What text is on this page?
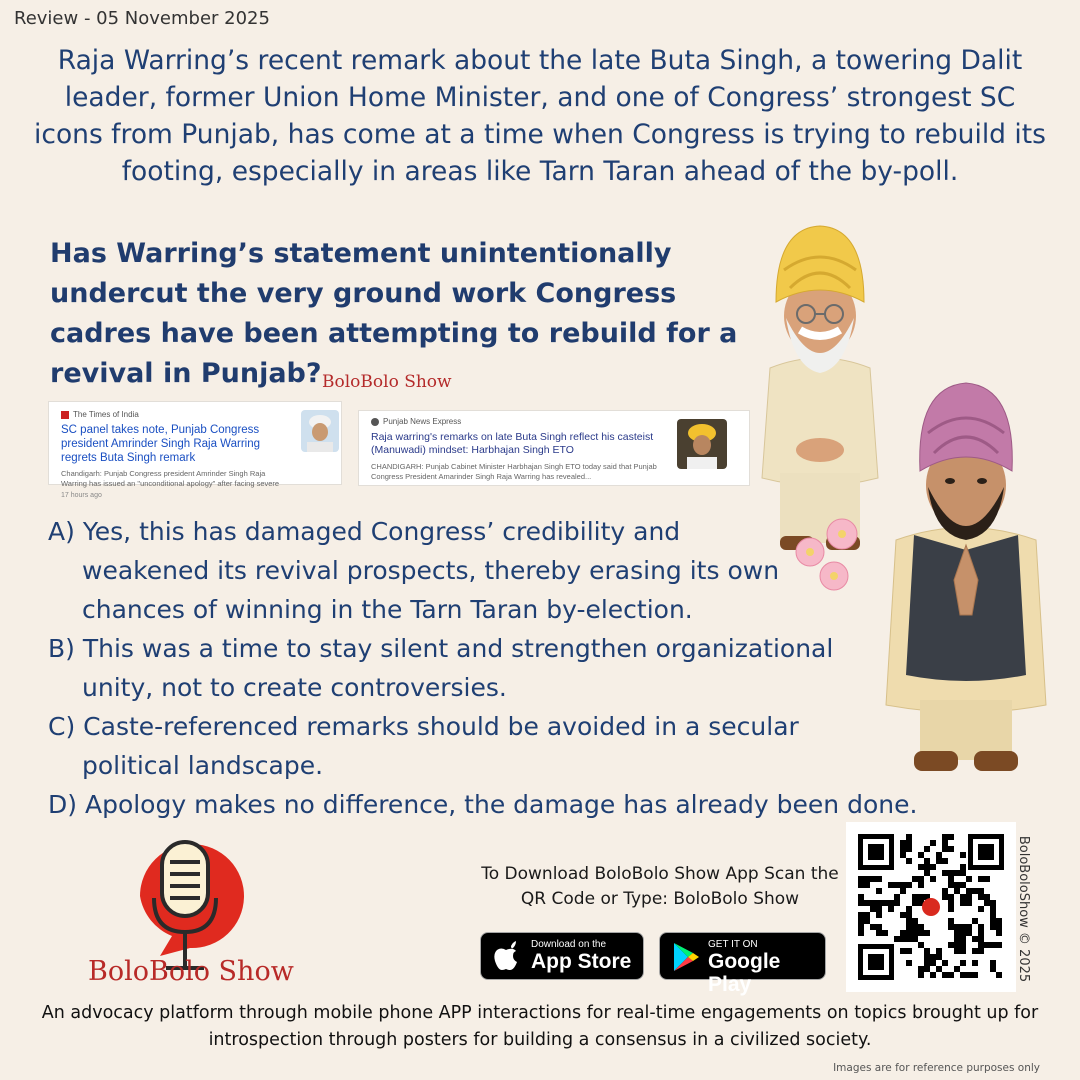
Review - 05 November 2025
Raja Warring’s recent remark about the late Buta Singh, a towering Dalit leader, former Union Home Minister, and one of Congress’ strongest SC icons from Punjab, has come at a time when Congress is trying to rebuild its footing, especially in areas like Tarn Taran ahead of the by-poll.
Has Warring’s statement unintentionally undercut the very ground work Congress cadres have been attempting to rebuild for a revival in Punjab? BoloBolo Show
The Times of India
SC panel takes note, Punjab Congress president Amrinder Singh Raja Warring regrets Buta Singh remark
Chandigarh: Punjab Congress president Amrinder Singh Raja Warring has issued an "unconditional apology" after facing severe
17 hours ago
Punjab News Express
Raja warring's remarks on late Buta Singh reflect his casteist (Manuwadi) mindset: Harbhajan Singh ETO
CHANDIGARH: Punjab Cabinet Minister Harbhajan Singh ETO today said that Punjab Congress President Amarinder Singh Raja Warring has revealed...
A) Yes, this has damaged Congress’ credibility and weakened its revival prospects, thereby erasing its own chances of winning in the Tarn Taran by-election.
B) This was a time to stay silent and strengthen organizational unity, not to create controversies.
C) Caste-referenced remarks should be avoided in a secular political landscape.
D) Apology makes no difference, the damage has already been done.
BoloBolo Show
To Download BoloBolo Show App Scan the QR Code or Type: BoloBolo Show
Download on the
App Store
GET IT ON
Google Play
BoloBoloShow © 2025
An advocacy platform through mobile phone APP interactions for real-time engagements on topics brought up for introspection through posters for building a consensus in a civilized society.
Images are for reference purposes only
